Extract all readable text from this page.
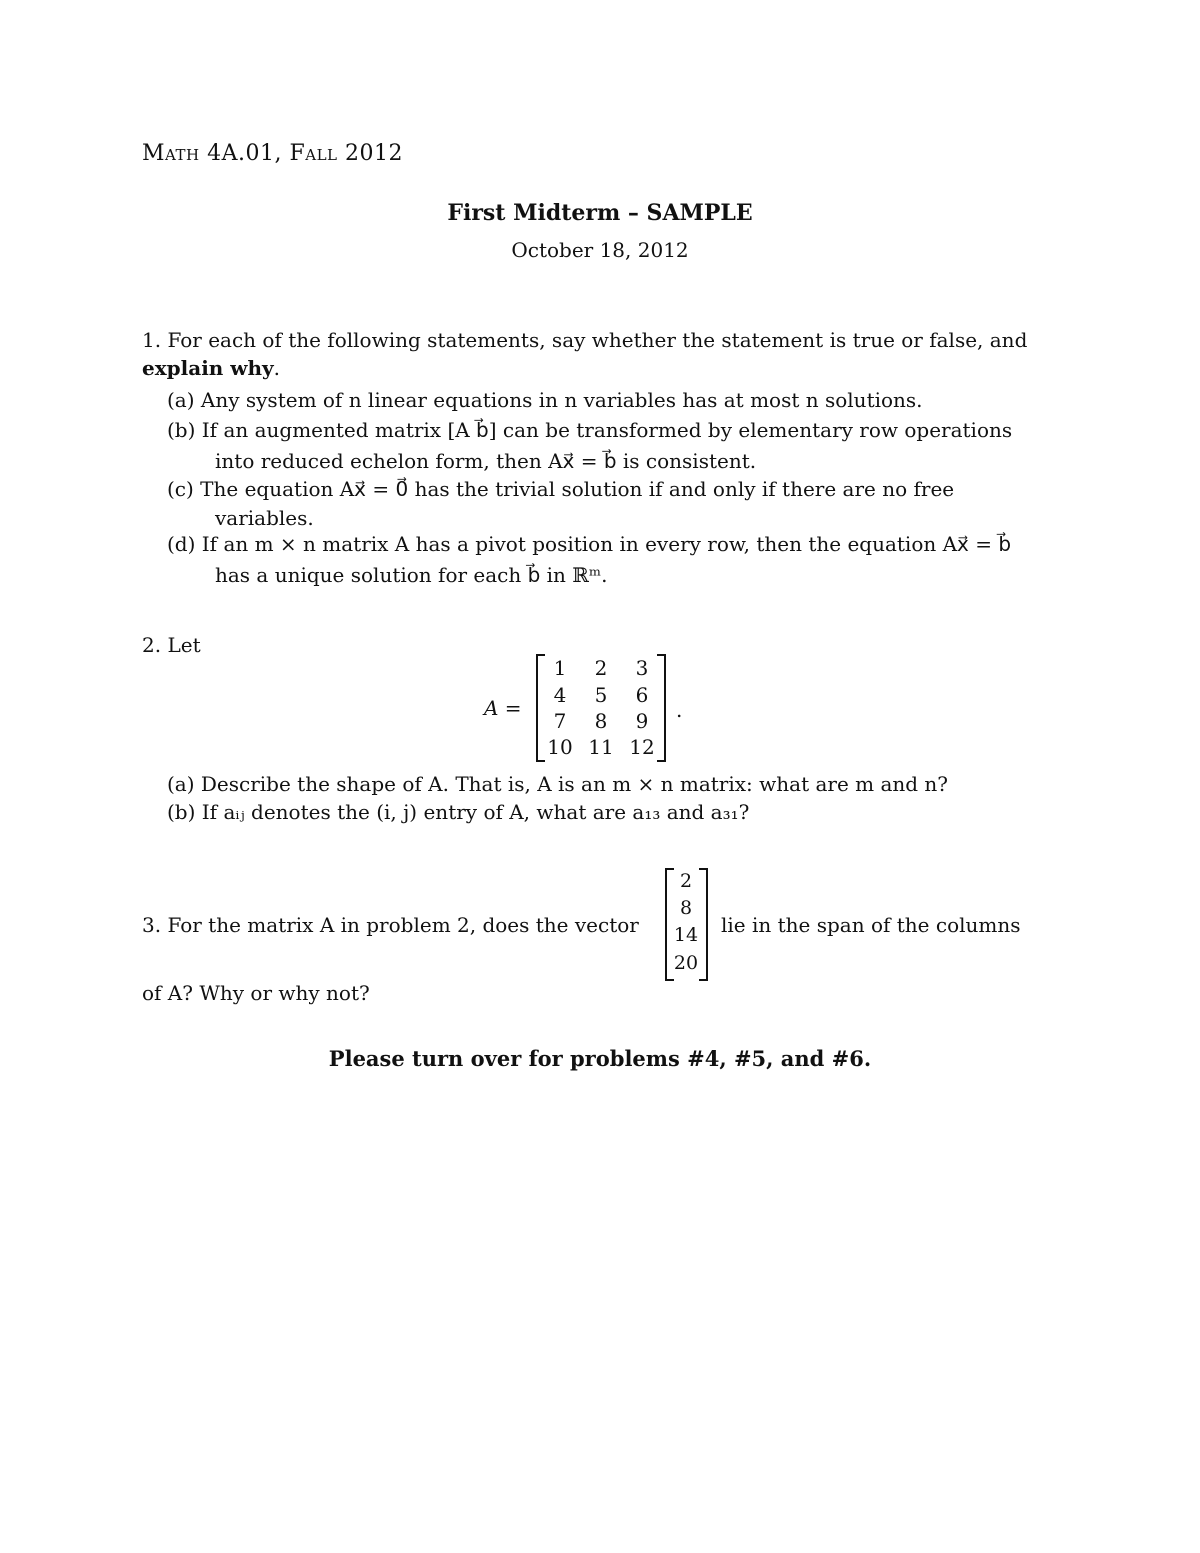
Math 4A.01, Fall 2012
First Midterm – SAMPLE
October 18, 2012
1. For each of the following statements, say whether the statement is true or false, and
explain why.
(a) Any system of n linear equations in n variables has at most n solutions.
(b) If an augmented matrix [A b⃗] can be transformed by elementary row operations
into reduced echelon form, then Ax⃗ = b⃗ is consistent.
(c) The equation Ax⃗ = 0⃗ has the trivial solution if and only if there are no free
variables.
(d) If an m × n matrix A has a pivot position in every row, then the equation Ax⃗ = b⃗
has a unique solution for each b⃗ in ℝᵐ.
2. Let
A =
1	2	3
4	5	6
7	8	9
10 11 12
.
(a) Describe the shape of A. That is, A is an m × n matrix: what are m and n?
(b) If aᵢⱼ denotes the (i, j) entry of A, what are a₁₃ and a₃₁?
3. For the matrix A in problem 2, does the vector
2
8
14
20
lie in the span of the columns
of A? Why or why not?
Please turn over for problems #4, #5, and #6.
